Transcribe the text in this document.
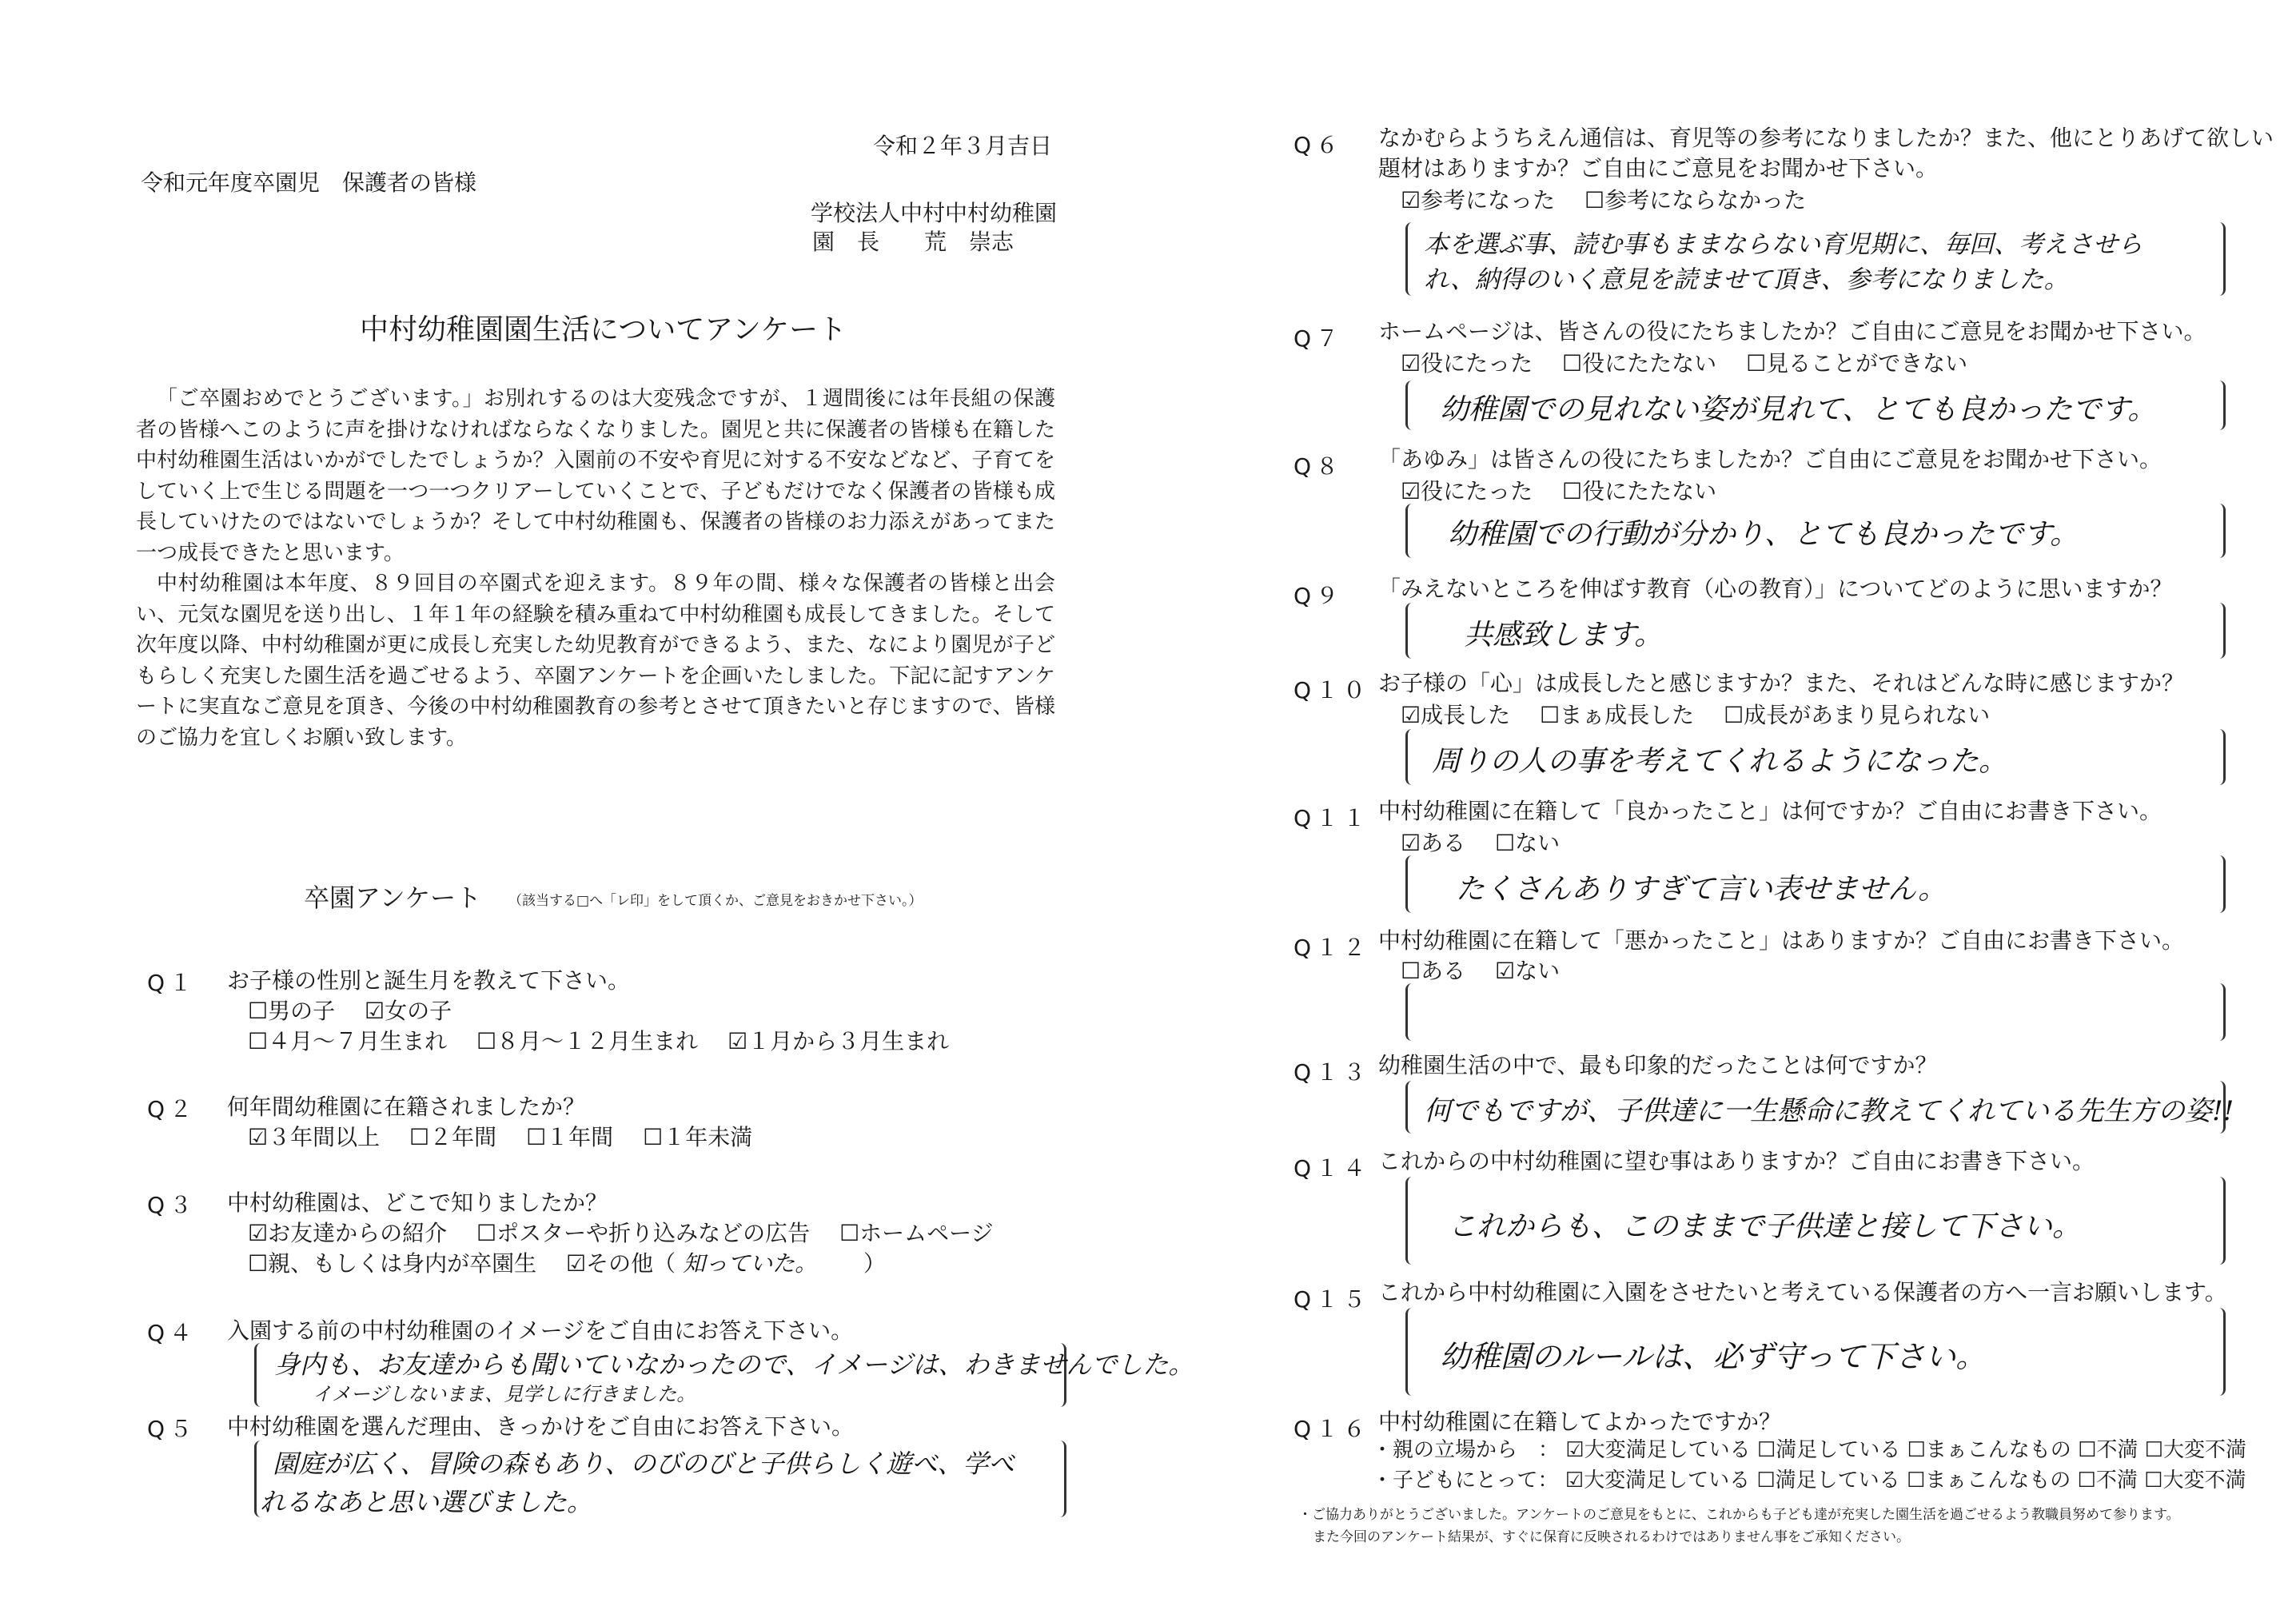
令和２年３月吉日
令和元年度卒園児　保護者の皆様
学校法人中村中村幼稚園
園　長　　荒　崇志
中村幼稚園園生活についてアンケート

「ご卒園おめでとうございます。」お別れするのは大変残念ですが、１週間後には年長組の保護者の皆様へこのように声を掛けなければならなくなりました。園児と共に保護者の皆様も在籍した中村幼稚園生活はいかがでしたでしょうか？入園前の不安や育児に対する不安などなど、子育てをしていく上で生じる問題を一つ一つクリアーしていくことで、子どもだけでなく保護者の皆様も成長していけたのではないでしょうか？そして中村幼稚園も、保護者の皆様のお力添えがあってまた一つ成長できたと思います。

中村幼稚園は本年度、８９回目の卒園式を迎えます。８９年の間、様々な保護者の皆様と出会い、元気な園児を送り出し、１年１年の経験を積み重ねて中村幼稚園も成長してきました。そして次年度以降、中村幼稚園が更に成長し充実した幼児教育ができるよう、また、なにより園児が子どもらしく充実した園生活を過ごせるよう、卒園アンケートを企画いたしました。下記に記すアンケートに実直なご意見を頂き、今後の中村幼稚園教育の参考とさせて頂きたいと存じますので、皆様のご協力を宜しくお願い致します。

卒園アンケート （該当する□へ「レ印」をして頂くか、ご意見をおきかせ下さい。）
Q１ お子様の性別と誕生月を教えて下さい。
☐ 男の子　 ☑ 女の子
☐ ４月～７月生まれ　 ☐ ８月～１２月生まれ　 ☑ １月から３月生まれ
Q２ 何年間幼稚園に在籍されましたか？
☑ ３年間以上　 ☐ ２年間　 ☐ １年間　 ☐ １年未満
Q３ 中村幼稚園は、どこで知りましたか？
☑ お友達からの紹介　 ☐ ポスターや折り込みなどの広告　 ☐ ホームページ
☐ 親、もしくは身内が卒園生　 ☑ その他（ 知っていた。 ）
Q４ 入園する前の中村幼稚園のイメージをご自由にお答え下さい。
身内も、お友達からも聞いていなかったので、イメージは、わきませんでした。
イメージしないまま、見学しに行きました。
Q５ 中村幼稚園を選んだ理由、きっかけをご自由にお答え下さい。
園庭が広く、冒険の森もあり、のびのびと子供らしく遊べ、学べ
れるなあと思い選びました。
Q６ なかむらようちえん通信は、育児等の参考になりましたか？また、他にとりあげて欲しい
題材はありますか？ご自由にご意見をお聞かせ下さい。
☑ 参考になった　 ☐ 参考にならなかった
本を選ぶ事、読む事もままならない育児期に、毎回、考えさせら
れ、納得のいく意見を読ませて頂き、参考になりました。
Q７ ホームページは、皆さんの役にたちましたか？ご自由にご意見をお聞かせ下さい。
☑ 役にたった　 ☐ 役にたたない　 ☐ 見ることができない
幼稚園での見れない姿が見れて、とても良かったです。
Q８ 「あゆみ」は皆さんの役にたちましたか？ご自由にご意見をお聞かせ下さい。
☑ 役にたった　 ☐ 役にたたない
幼稚園での行動が分かり、とても良かったです。
Q９ 「みえないところを伸ばす教育（心の教育）」についてどのように思いますか？
共感致します。
Q１０ お子様の「心」は成長したと感じますか？また、それはどんな時に感じますか？
☑ 成長した　 ☐ まぁ成長した　 ☐ 成長があまり見られない
周りの人の事を考えてくれるようになった。
Q１１ 中村幼稚園に在籍して「良かったこと」は何ですか？ご自由にお書き下さい。
☑ ある　 ☐ ない
たくさんありすぎて言い表せません。
Q１２ 中村幼稚園に在籍して「悪かったこと」はありますか？ご自由にお書き下さい。
☐ ある　 ☑ ない
Q１３ 幼稚園生活の中で、最も印象的だったことは何ですか？
何でもですが、子供達に一生懸命に教えてくれている先生方の姿!!
Q１４ これからの中村幼稚園に望む事はありますか？ご自由にお書き下さい。
これからも、このままで子供達と接して下さい。
Q１５ これから中村幼稚園に入園をさせたいと考えている保護者の方へ一言お願いします。
幼稚園のルールは、必ず守って下さい。
Q１６ 中村幼稚園に在籍してよかったですか？
・親の立場から　： ☑ 大変満足している ☐ 満足している ☐ まぁこんなもの ☐ 不満 ☐ 大変不満
・子どもにとって： ☑ 大変満足している ☐ 満足している ☐ まぁこんなもの ☐ 不満 ☐ 大変不満
・ご協力ありがとうございました。アンケートのご意見をもとに、これからも子ども達が充実した園生活を過ごせるよう教職員努めて参ります。
また今回のアンケート結果が、すぐに保育に反映されるわけではありません事をご承知ください。
